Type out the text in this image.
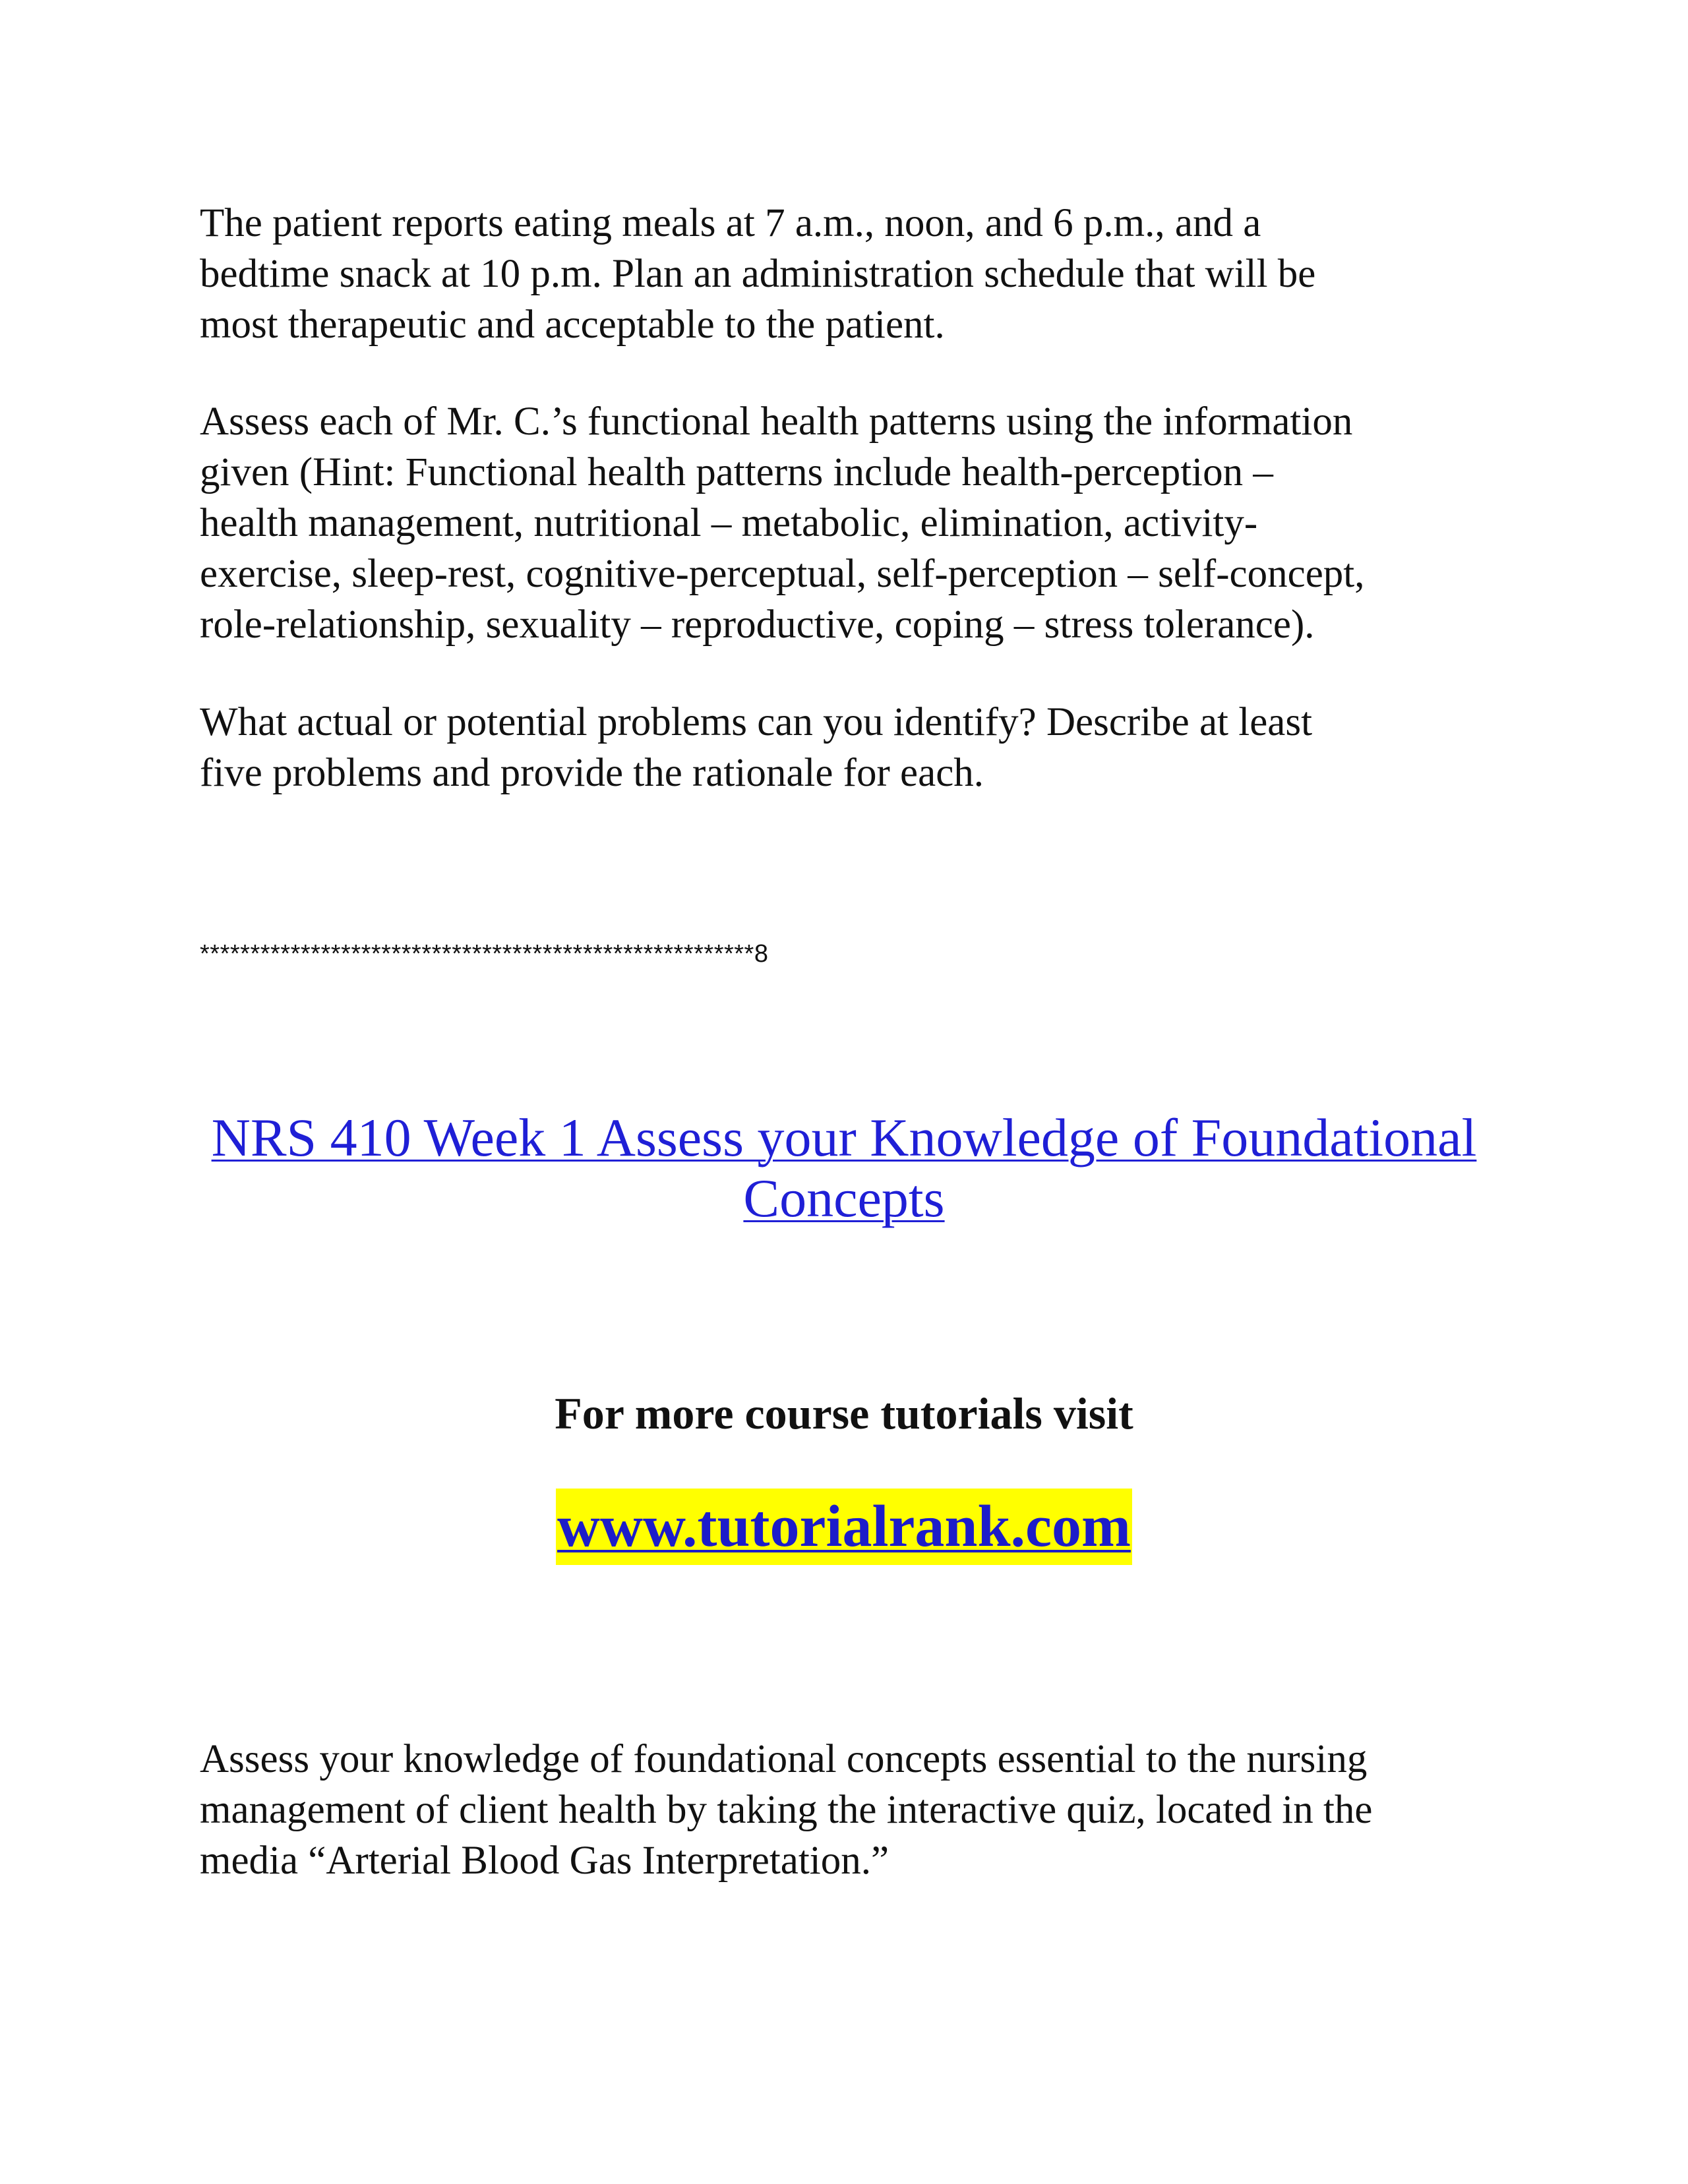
The patient reports eating meals at 7 a.m., noon, and 6 p.m., and a
bedtime snack at 10 p.m. Plan an administration schedule that will be
most therapeutic and acceptable to the patient.

Assess each of Mr. C.’s functional health patterns using the information
given (Hint: Functional health patterns include health-perception –
health management, nutritional – metabolic, elimination, activity-
exercise, sleep-rest, cognitive-perceptual, self-perception – self-concept,
role-relationship, sexuality – reproductive, coping – stress tolerance).

What actual or potential problems can you identify? Describe at least
five problems and provide the rationale for each.

*******************************************************8
NRS 410 Week 1 Assess your Knowledge of Foundational
Concepts
For more course tutorials visit
www.tutorialrank.com

Assess your knowledge of foundational concepts essential to the nursing
management of client health by taking the interactive quiz, located in the
media “Arterial Blood Gas Interpretation.”
